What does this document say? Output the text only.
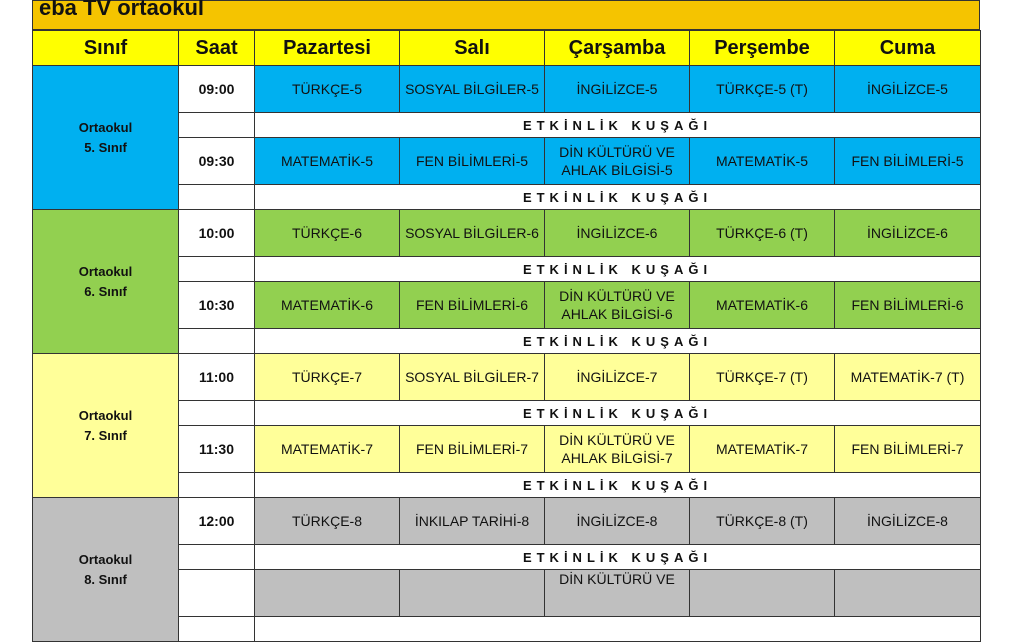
eba TV ortaokul
Sınıf	Saat	Pazartesi	Salı	Çarşamba	Perşembe	Cuma
Ortaokul
5. Sınıf	09:00	TÜRKÇE-5	SOSYAL BİLGİLER-5	İNGİLİZCE-5	TÜRKÇE-5 (T)	İNGİLİZCE-5
		ETKİNLİK KUŞAĞI				
	09:30	MATEMATİK-5	FEN BİLİMLERİ-5	DİN KÜLTÜRÜ VE AHLAK BİLGİSİ-5	MATEMATİK-5	FEN BİLİMLERİ-5
		ETKİNLİK KUŞAĞI				
Ortaokul
6. Sınıf	10:00	TÜRKÇE-6	SOSYAL BİLGİLER-6	İNGİLİZCE-6	TÜRKÇE-6 (T)	İNGİLİZCE-6
		ETKİNLİK KUŞAĞI				
	10:30	MATEMATİK-6	FEN BİLİMLERİ-6	DİN KÜLTÜRÜ VE AHLAK BİLGİSİ-6	MATEMATİK-6	FEN BİLİMLERİ-6
		ETKİNLİK KUŞAĞI				
Ortaokul
7. Sınıf	11:00	TÜRKÇE-7	SOSYAL BİLGİLER-7	İNGİLİZCE-7	TÜRKÇE-7 (T)	MATEMATİK-7 (T)
		ETKİNLİK KUŞAĞI				
	11:30	MATEMATİK-7	FEN BİLİMLERİ-7	DİN KÜLTÜRÜ VE AHLAK BİLGİSİ-7	MATEMATİK-7	FEN BİLİMLERİ-7
		ETKİNLİK KUŞAĞI				
Ortaokul
8. Sınıf	12:00	TÜRKÇE-8	İNKILAP TARİHİ-8	İNGİLİZCE-8	TÜRKÇE-8 (T)	İNGİLİZCE-8
		ETKİNLİK KUŞAĞI				
				DİN KÜLTÜRÜ VE		
